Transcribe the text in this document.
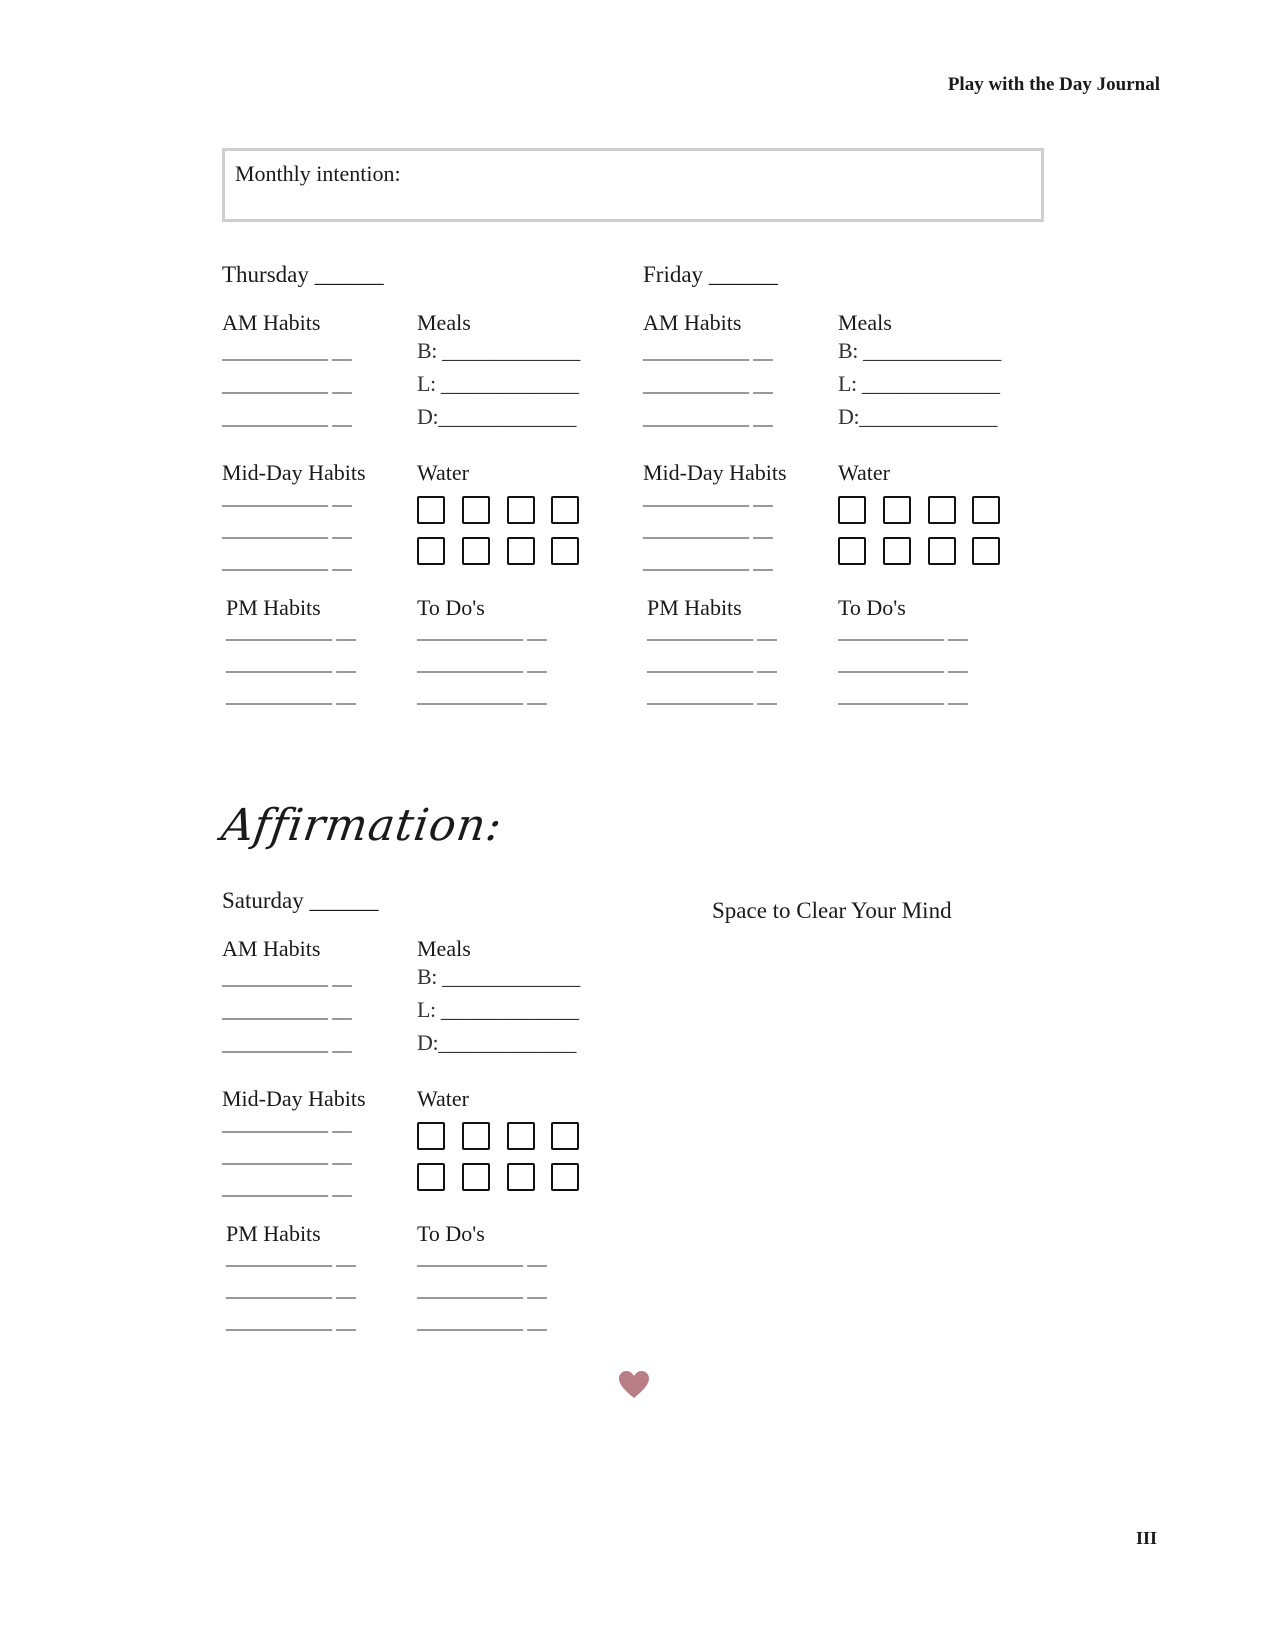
Play with the Day Journal
Monthly intention:
Thursday ______
AM Habits
___________ __
___________ __
___________ __
Meals
B: _____________
L: _____________
D:_____________
Mid-Day Habits
___________ __
___________ __
___________ __
Water
PM Habits
___________ __
___________ __
___________ __
To Do's
___________ __
___________ __
___________ __
Friday ______
AM Habits
___________ __
___________ __
___________ __
Meals
B: _____________
L: _____________
D:_____________
Mid-Day Habits
___________ __
___________ __
___________ __
Water
PM Habits
___________ __
___________ __
___________ __
To Do's
___________ __
___________ __
___________ __
Saturday ______
AM Habits
___________ __
___________ __
___________ __
Meals
B: _____________
L: _____________
D:_____________
Mid-Day Habits
___________ __
___________ __
___________ __
Water
PM Habits
___________ __
___________ __
___________ __
To Do's
___________ __
___________ __
___________ __
Affirmation:
Space to Clear Your Mind
III
